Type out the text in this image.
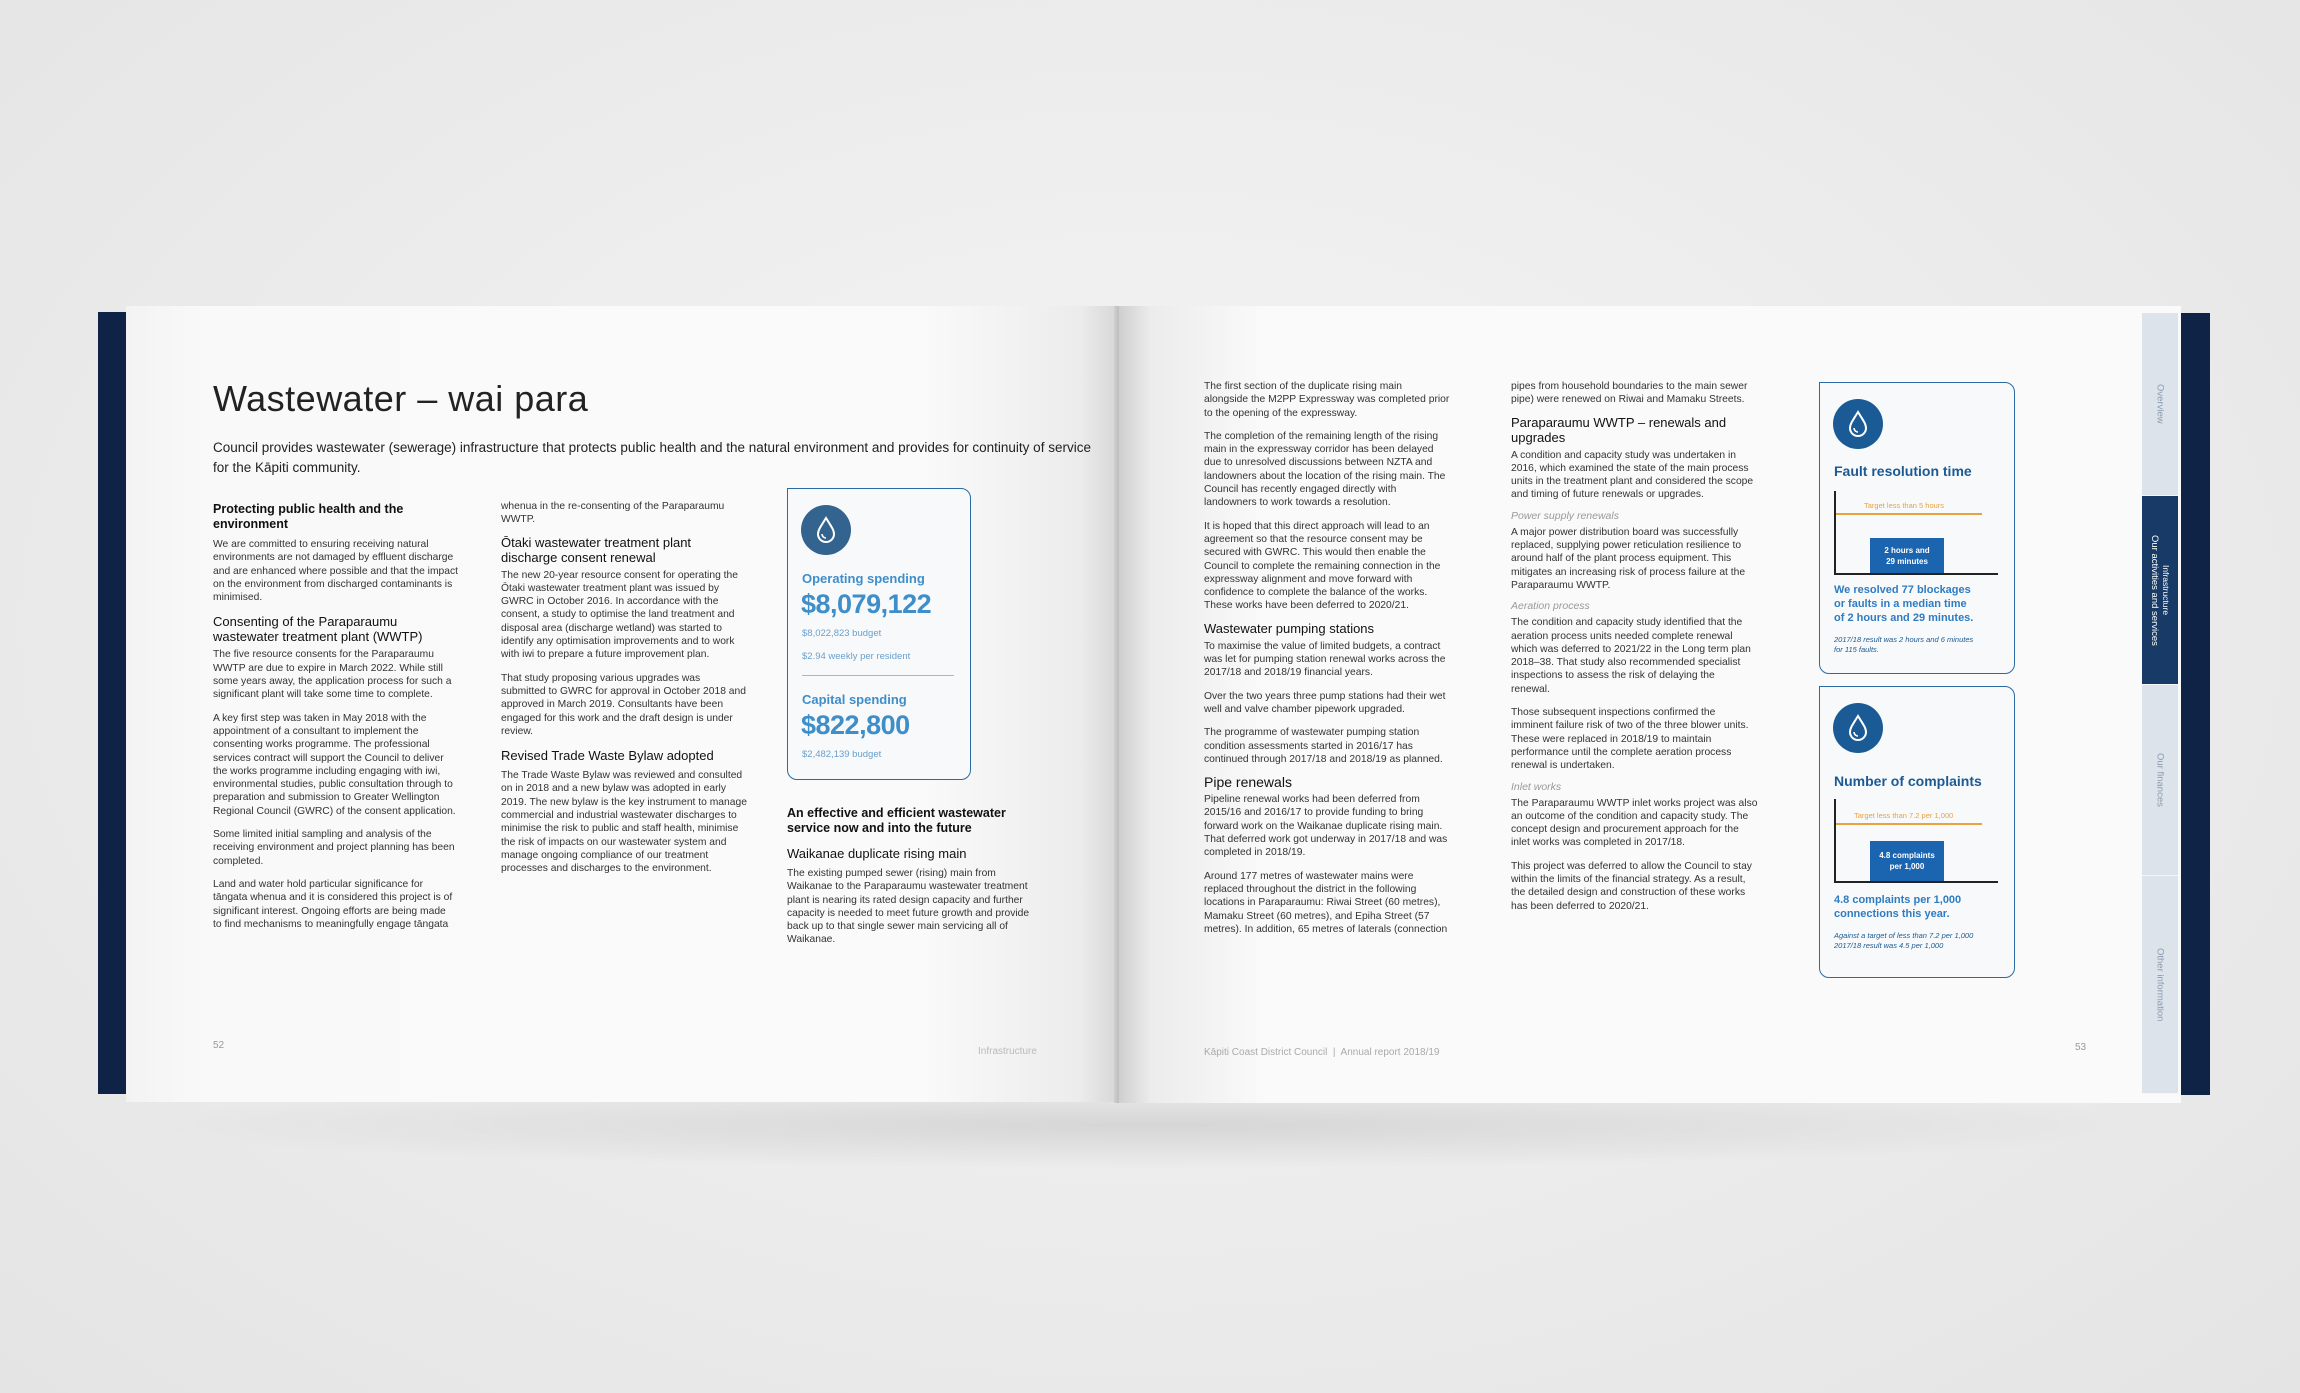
Wastewater – wai para
Council provides wastewater (sewerage) infrastructure that protects public health and the natural environment and provides for continuity of service for the Kāpiti community.
Protecting public health and the environment
We are committed to ensuring receiving natural
environments are not damaged by effluent discharge
and are enhanced where possible and that the impact
on the environment from discharged contaminants is
minimised.
Consenting of the Paraparaumu
wastewater treatment plant (WWTP)
The five resource consents for the Paraparaumu
WWTP are due to expire in March 2022. While still
some years away, the application process for such a
significant plant will take some time to complete.
A key first step was taken in May 2018 with the
appointment of a consultant to implement the
consenting works programme. The professional
services contract will support the Council to deliver
the works programme including engaging with iwi,
environmental studies, public consultation through to
preparation and submission to Greater Wellington
Regional Council (GWRC) of the consent application.
Some limited initial sampling and analysis of the
receiving environment and project planning has been
completed.
Land and water hold particular significance for
tāngata whenua and it is considered this project is of
significant interest. Ongoing efforts are being made
to find mechanisms to meaningfully engage tāngata
whenua in the re-consenting of the Paraparaumu
WWTP.
Ōtaki wastewater treatment plant
discharge consent renewal
The new 20-year resource consent for operating the
Ōtaki wastewater treatment plant was issued by
GWRC in October 2016. In accordance with the
consent, a study to optimise the land treatment and
disposal area (discharge wetland) was started to
identify any optimisation improvements and to work
with iwi to prepare a future improvement plan.
That study proposing various upgrades was
submitted to GWRC for approval in October 2018 and
approved in March 2019. Consultants have been
engaged for this work and the draft design is under
review.
Revised Trade Waste Bylaw adopted
The Trade Waste Bylaw was reviewed and consulted
on in 2018 and a new bylaw was adopted in early
2019. The new bylaw is the key instrument to manage
commercial and industrial wastewater discharges to
minimise the risk to public and staff health, minimise
the risk of impacts on our wastewater system and
manage ongoing compliance of our treatment
processes and discharges to the environment.
Operating spending
$8,079,122
$8,022,823 budget
$2.94 weekly per resident
Capital spending
$822,800
$2,482,139 budget
An effective and efficient wastewater
service now and into the future
Waikanae duplicate rising main
The existing pumped sewer (rising) main from
Waikanae to the Paraparaumu wastewater treatment
plant is nearing its rated design capacity and further
capacity is needed to meet future growth and provide
back up to that single sewer main servicing all of
Waikanae.
52
Infrastructure
The first section of the duplicate rising main
alongside the M2PP Expressway was completed prior
to the opening of the expressway.
The completion of the remaining length of the rising
main in the expressway corridor has been delayed
due to unresolved discussions between NZTA and
landowners about the location of the rising main. The
Council has recently engaged directly with
landowners to work towards a resolution.
It is hoped that this direct approach will lead to an
agreement so that the resource consent may be
secured with GWRC. This would then enable the
Council to complete the remaining connection in the
expressway alignment and move forward with
confidence to complete the balance of the works.
These works have been deferred to 2020/21.
Wastewater pumping stations
To maximise the value of limited budgets, a contract
was let for pumping station renewal works across the
2017/18 and 2018/19 financial years.
Over the two years three pump stations had their wet
well and valve chamber pipework upgraded.
The programme of wastewater pumping station
condition assessments started in 2016/17 has
continued through 2017/18 and 2018/19 as planned.
Pipe renewals
Pipeline renewal works had been deferred from
2015/16 and 2016/17 to provide funding to bring
forward work on the Waikanae duplicate rising main.
That deferred work got underway in 2017/18 and was
completed in 2018/19.
Around 177 metres of wastewater mains were
replaced throughout the district in the following
locations in Paraparaumu: Riwai Street (60 metres),
Mamaku Street (60 metres), and Epiha Street (57
metres). In addition, 65 metres of laterals (connection
pipes from household boundaries to the main sewer
pipe) were renewed on Riwai and Mamaku Streets.
Paraparaumu WWTP – renewals and
upgrades
A condition and capacity study was undertaken in
2016, which examined the state of the main process
units in the treatment plant and considered the scope
and timing of future renewals or upgrades.
Power supply renewals
A major power distribution board was successfully
replaced, supplying power reticulation resilience to
around half of the plant process equipment. This
mitigates an increasing risk of process failure at the
Paraparaumu WWTP.
Aeration process
The condition and capacity study identified that the
aeration process units needed complete renewal
which was deferred to 2021/22 in the Long term plan
2018–38. That study also recommended specialist
inspections to assess the risk of delaying the
renewal.
Those subsequent inspections confirmed the
imminent failure risk of two of the three blower units.
These were replaced in 2018/19 to maintain
performance until the complete aeration process
renewal is undertaken.
Inlet works
The Paraparaumu WWTP inlet works project was also
an outcome of the condition and capacity study. The
concept design and procurement approach for the
inlet works was completed in 2017/18.
This project was deferred to allow the Council to stay
within the limits of the financial strategy. As a result,
the detailed design and construction of these works
has been deferred to 2020/21.
Fault resolution time
Target less than 5 hours
2 hours and
29 minutes
We resolved 77 blockages
or faults in a median time
of 2 hours and 29 minutes.
2017/18 result was 2 hours and 6 minutes
for 115 faults.
Number of complaints
Target less than 7.2 per 1,000
4.8 complaints
per 1,000
4.8 complaints per 1,000
connections this year.
Against a target of less than 7.2 per 1,000
2017/18 result was 4.5 per 1,000
Kāpiti Coast District Council  |  Annual report 2018/19	53
Overview
Our activities and services Infrastructure
Our finances
Other information
